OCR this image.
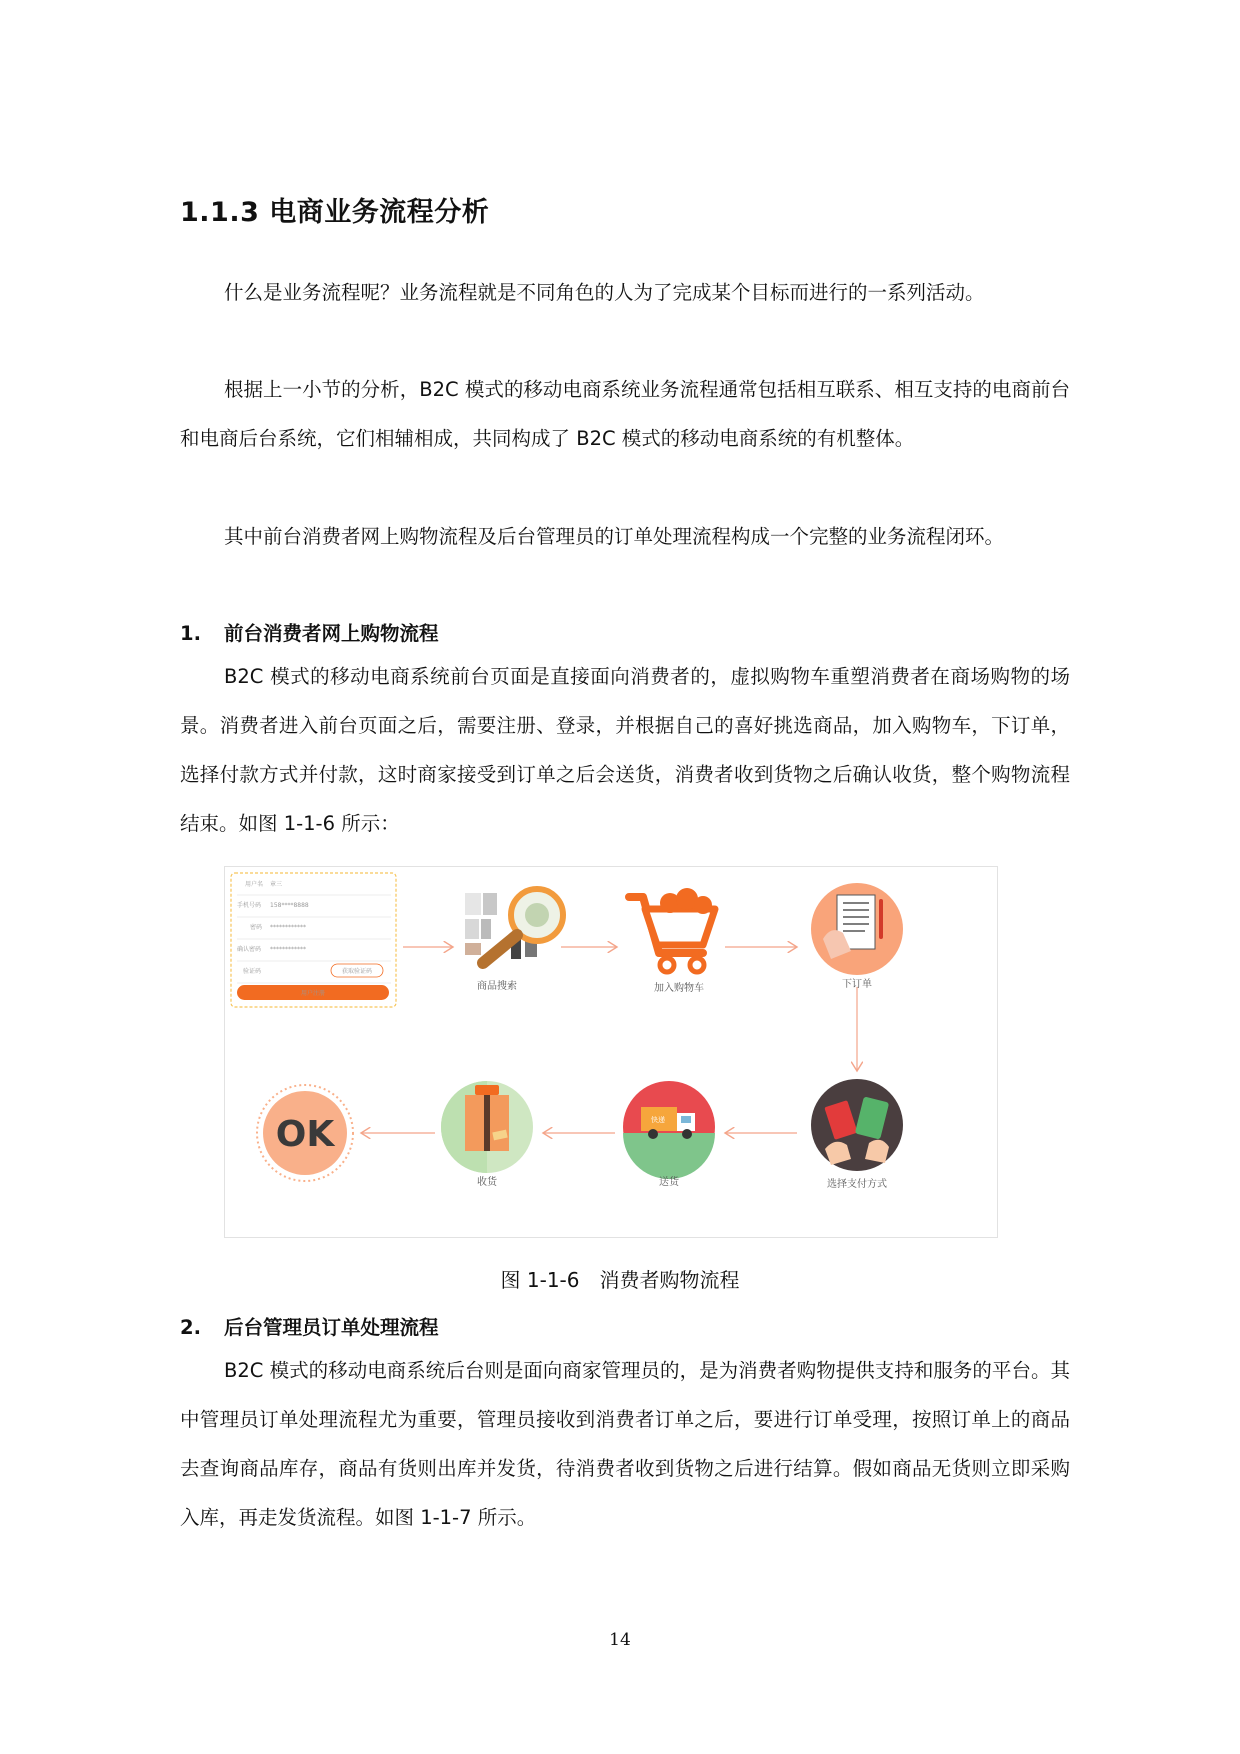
1.1.3 电商业务流程分析

什么是业务流程呢？业务流程就是不同角色的人为了完成某个目标而进行的一系列活动。

根据上一小节的分析，B2C 模式的移动电商系统业务流程通常包括相互联系、相互支持的电商前台和电商后台系统，它们相辅相成，共同构成了 B2C 模式的移动电商系统的有机整体。

其中前台消费者网上购物流程及后台管理员的订单处理流程构成一个完整的业务流程闭环。

1. 前台消费者网上购物流程

B2C 模式的移动电商系统前台页面是直接面向消费者的，虚拟购物车重塑消费者在商场购物的场景。消费者进入前台页面之后，需要注册、登录，并根据自己的喜好挑选商品，加入购物车，下订单，选择付款方式并付款，这时商家接受到订单之后会送货，消费者收到货物之后确认收货，整个购物流程结束。如图 1-1-6 所示：

用户名 章三
手机号码 158****8888
密码 ************
确认密码 ************
验证码	获取验证码
用户注册
商品搜索	加入购物车	下订单
选择支付方式
快递
送货
收货
OK
图 1-1-6 消费者购物流程
2. 后台管理员订单处理流程

B2C 模式的移动电商系统后台则是面向商家管理员的，是为消费者购物提供支持和服务的平台。其中管理员订单处理流程尤为重要，管理员接收到消费者订单之后，要进行订单受理，按照订单上的商品去查询商品库存，商品有货则出库并发货，待消费者收到货物之后进行结算。假如商品无货则立即采购入库，再走发货流程。如图 1-1-7 所示。

14
